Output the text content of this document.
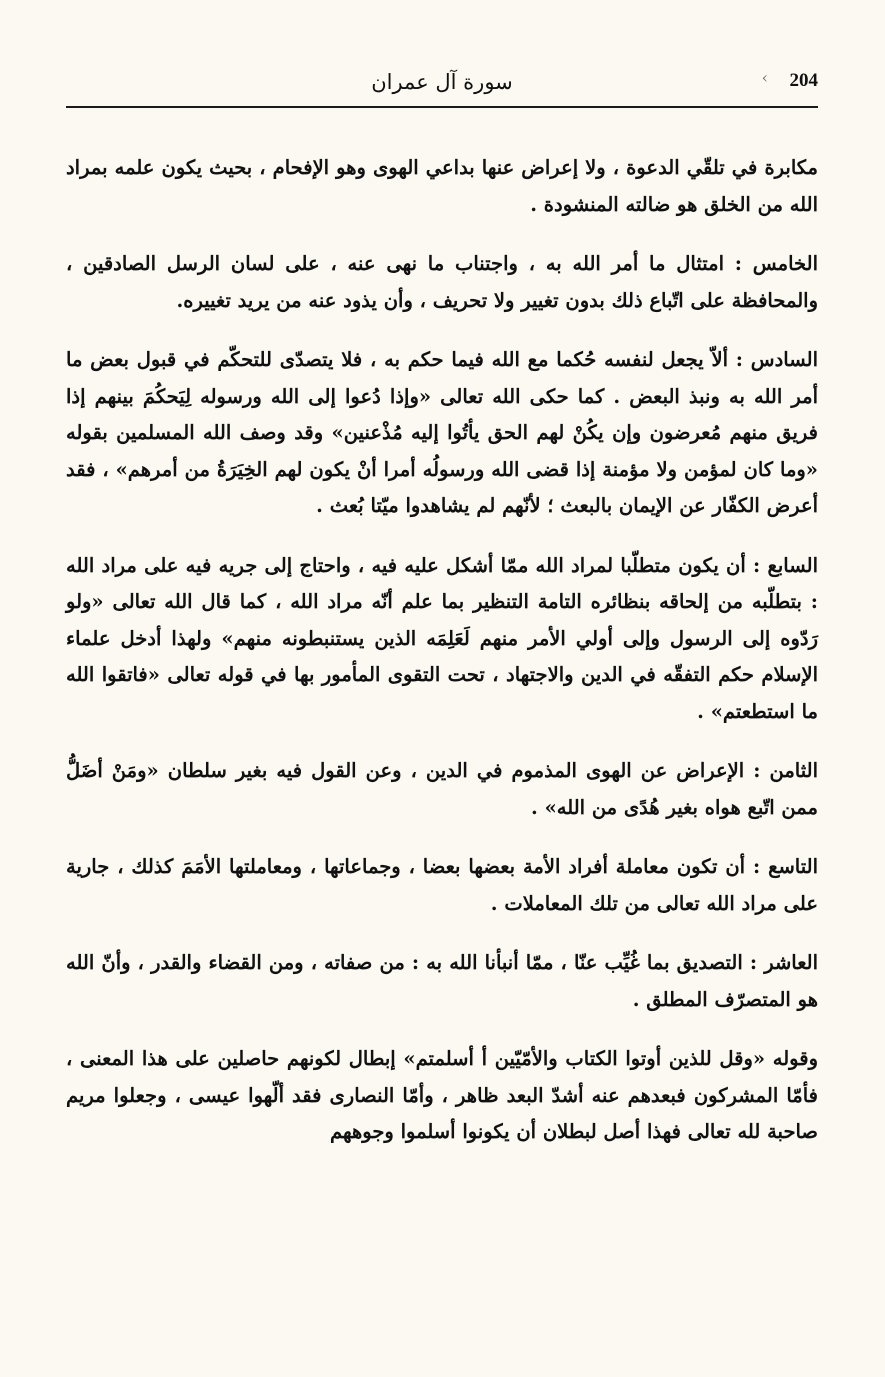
204
‹
سورة آل عمران

مكابرة في تلقّي الدعوة ، ولا إعراض عنها بداعي الهوى وهو الإفحام ، بحيث يكون علمه بمراد الله من الخلق هو ضالته المنشودة .

الخامس : امتثال ما أمر الله به ، واجتناب ما نهى عنه ، على لسان الرسل الصادقين ، والمحافظة على اتّباع ذلك بدون تغيير ولا تحريف ، وأن يذود عنه من يريد تغييره.

السادس : ألاّ يجعل لنفسه حُكما مع الله فيما حكم به ، فلا يتصدّى للتحكّم في قبول بعض ما أمر الله به ونبذ البعض . كما حكى الله تعالى «وإذا دُعوا إلى الله ورسوله لِيَحكُمَ بينهم إذا فريق منهم مُعرضون وإن يكُنْ لهم الحق يأتُوا إليه مُذْعنين» وقد وصف الله المسلمين بقوله «وما كان لمؤمن ولا مؤمنة إذا قضى الله ورسولُه أمرا أنْ يكون لهم الخِيَرَةُ من أمرهم» ، فقد أعرض الكفّار عن الإيمان بالبعث ؛ لأنّهم لم يشاهدوا ميّتا بُعث .

السابع : أن يكون متطلّبا لمراد الله ممّا أشكل عليه فيه ، واحتاج إلى جريه فيه على مراد الله : بتطلّبه من إلحاقه بنظائره التامة التنظير بما علم أنّه مراد الله ، كما قال الله تعالى «ولو رَدّوه إلى الرسول وإلى أولي الأمر منهم لَعَلِمَه الذين يستنبطونه منهم» ولهذا أدخل علماء الإسلام حكم التفقّه في الدين والاجتهاد ، تحت التقوى المأمور بها في قوله تعالى «فاتقوا الله ما استطعتم» .

الثامن : الإعراض عن الهوى المذموم في الدين ، وعن القول فيه بغير سلطان «ومَنْ أضَلُّ ممن اتّبع هواه بغير هُدًى من الله» .

التاسع : أن تكون معاملة أفراد الأمة بعضها بعضا ، وجماعاتها ، ومعاملتها الأمَمَ كذلك ، جارية على مراد الله تعالى من تلك المعاملات .

العاشر : التصديق بما غُيِّب عنّا ، ممّا أنبأنا الله به : من صفاته ، ومن القضاء والقدر ، وأنّ الله هو المتصرّف المطلق .

وقوله «وقل للذين أوتوا الكتاب والأمّيّين أ أسلمتم» إبطال لكونهم حاصلين على هذا المعنى ، فأمّا المشركون فبعدهم عنه أشدّ البعد ظاهر ، وأمّا النصارى فقد ألّهوا عيسى ، وجعلوا مريم صاحبة لله تعالى فهذا أصل لبطلان أن يكونوا أسلموا وجوههم
